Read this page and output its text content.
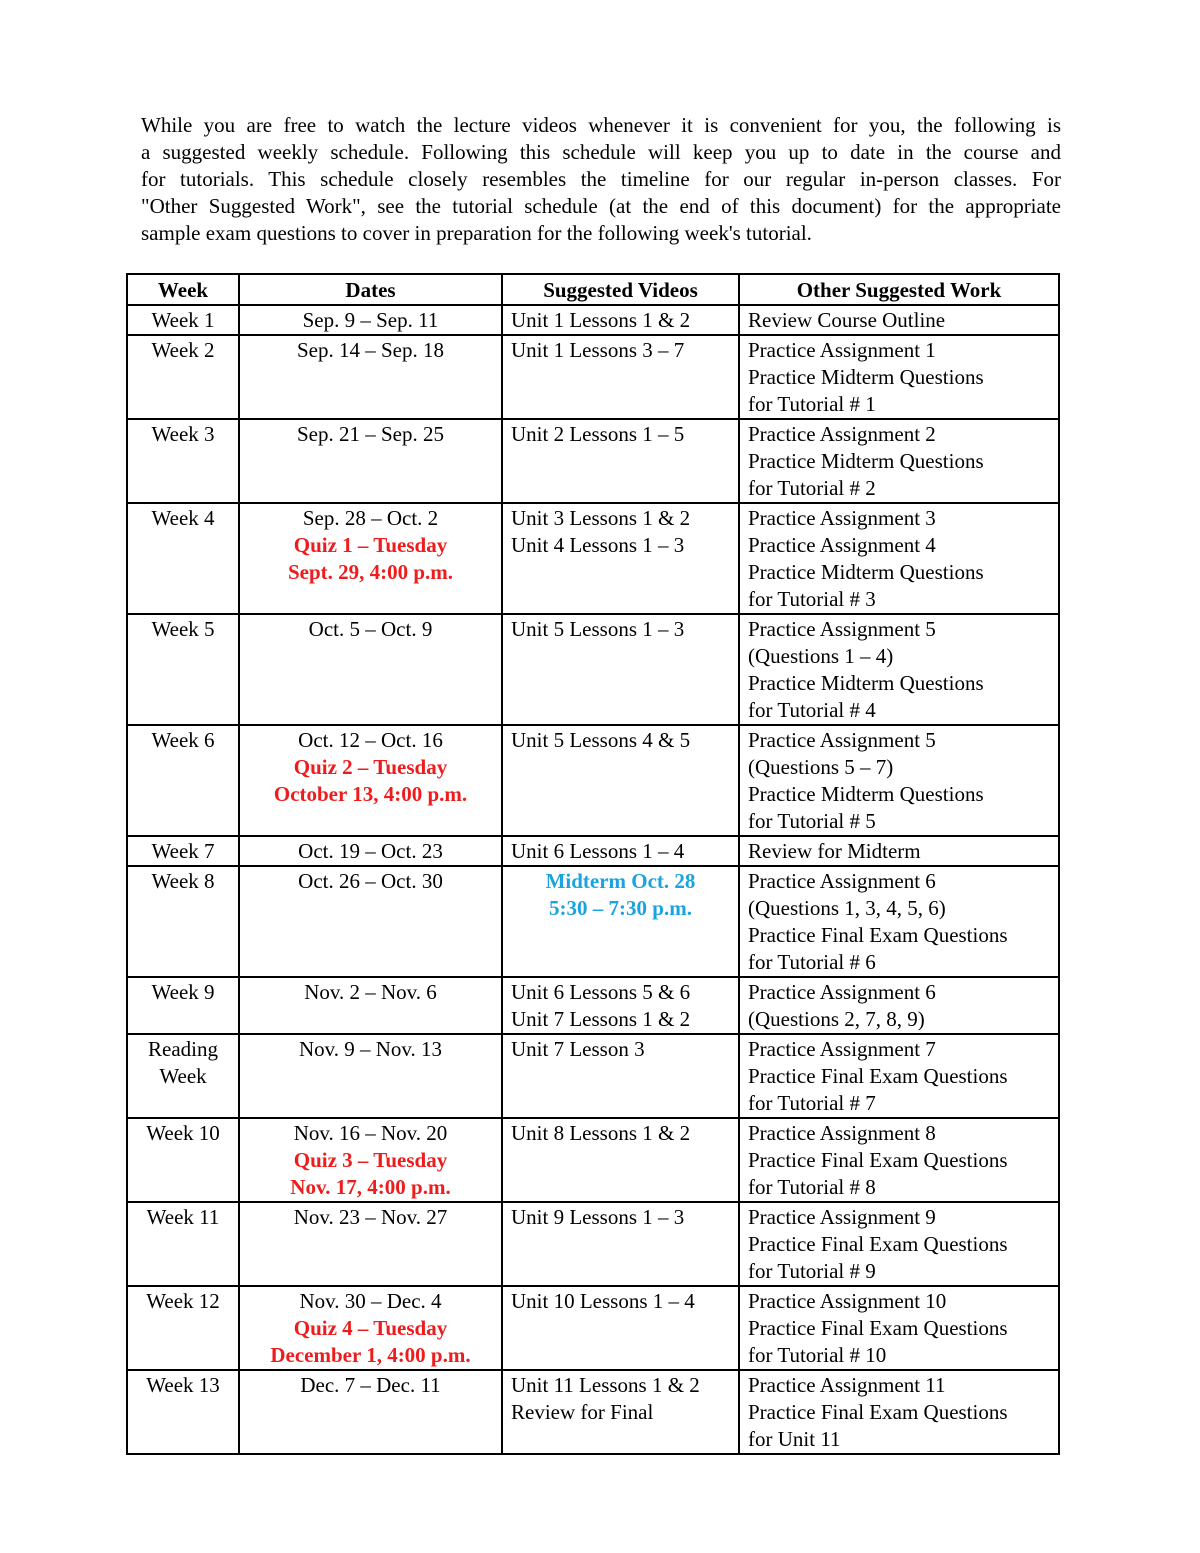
While you are free to watch the lecture videos whenever it is convenient for you, the following is
a suggested weekly schedule. Following this schedule will keep you up to date in the course and
for tutorials. This schedule closely resembles the timeline for our regular in-person classes. For
"Other Suggested Work", see the tutorial schedule (at the end of this document) for the appropriate
sample exam questions to cover in preparation for the following week's tutorial.
Week	Dates	Suggested Videos	Other Suggested Work

Week 1	Sep. 9 – Sep. 11	Unit 1 Lessons 1 & 2	Review Course Outline

Week 2	Sep. 14 – Sep. 18	Unit 1 Lessons 3 – 7	Practice Assignment 1
Practice Midterm Questions
for Tutorial # 1

Week 3	Sep. 21 – Sep. 25	Unit 2 Lessons 1 – 5	Practice Assignment 2
Practice Midterm Questions
for Tutorial # 2

Week 4	Sep. 28 – Oct. 2
Quiz 1 – Tuesday
Sept. 29, 4:00 p.m.	Unit 3 Lessons 1 & 2
Unit 4 Lessons 1 – 3	Practice Assignment 3
Practice Assignment 4
Practice Midterm Questions
for Tutorial # 3

Week 5	Oct. 5 – Oct. 9	Unit 5 Lessons 1 – 3	Practice Assignment 5
(Questions 1 – 4)
Practice Midterm Questions
for Tutorial # 4

Week 6	Oct. 12 – Oct. 16
Quiz 2 – Tuesday
October 13, 4:00 p.m.	Unit 5 Lessons 4 & 5	Practice Assignment 5
(Questions 5 – 7)
Practice Midterm Questions
for Tutorial # 5

Week 7	Oct. 19 – Oct. 23	Unit 6 Lessons 1 – 4	Review for Midterm

Week 8	Oct. 26 – Oct. 30	Midterm Oct. 28
5:30 – 7:30 p.m.	Practice Assignment 6
(Questions 1, 3, 4, 5, 6)
Practice Final Exam Questions
for Tutorial # 6

Week 9	Nov. 2 – Nov. 6	Unit 6 Lessons 5 & 6
Unit 7 Lessons 1 & 2	Practice Assignment 6
(Questions 2, 7, 8, 9)

Reading
Week	Nov. 9 – Nov. 13	Unit 7 Lesson 3	Practice Assignment 7
Practice Final Exam Questions
for Tutorial # 7

Week 10	Nov. 16 – Nov. 20
Quiz 3 – Tuesday
Nov. 17, 4:00 p.m.	Unit 8 Lessons 1 & 2	Practice Assignment 8
Practice Final Exam Questions
for Tutorial # 8

Week 11	Nov. 23 – Nov. 27	Unit 9 Lessons 1 – 3	Practice Assignment 9
Practice Final Exam Questions
for Tutorial # 9

Week 12	Nov. 30 – Dec. 4
Quiz 4 – Tuesday
December 1, 4:00 p.m.	Unit 10 Lessons 1 – 4	Practice Assignment 10
Practice Final Exam Questions
for Tutorial # 10

Week 13	Dec. 7 – Dec. 11	Unit 11 Lessons 1 & 2
Review for Final	Practice Assignment 11
Practice Final Exam Questions
for Unit 11
